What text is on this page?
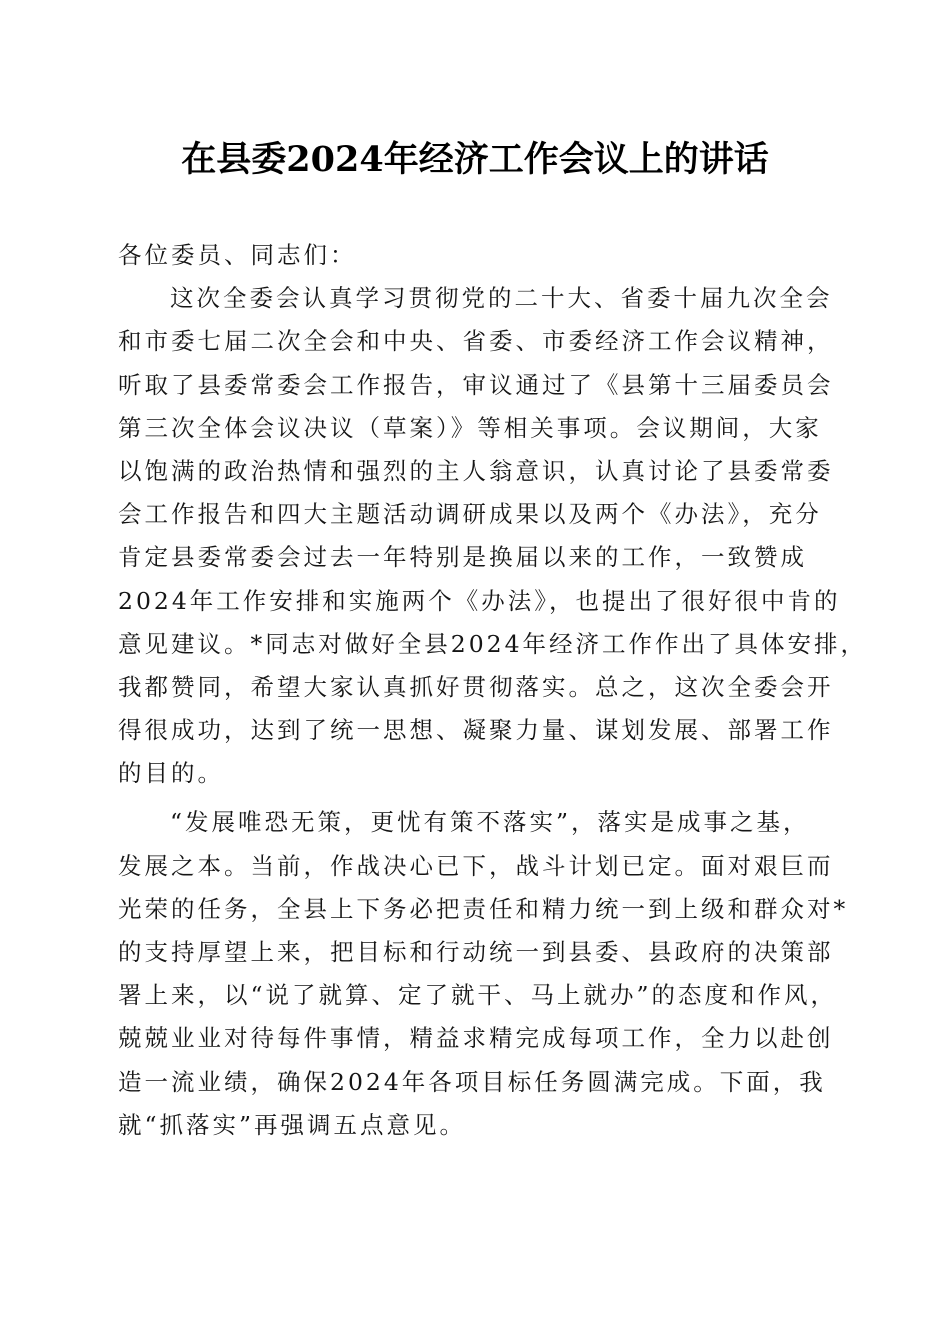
在县委2024年经济工作会议上的讲话
各位委员、同志们：
这次全委会认真学习贯彻党的二十大、省委十届九次全会
和市委七届二次全会和中央、省委、市委经济工作会议精神，
听取了县委常委会工作报告，审议通过了《县第十三届委员会
第三次全体会议决议（草案）》等相关事项。会议期间，大家
以饱满的政治热情和强烈的主人翁意识，认真讨论了县委常委
会工作报告和四大主题活动调研成果以及两个《办法》，充分
肯定县委常委会过去一年特别是换届以来的工作，一致赞成
2024年工作安排和实施两个《办法》，也提出了很好很中肯的
意见建议。*同志对做好全县2024年经济工作作出了具体安排，
我都赞同，希望大家认真抓好贯彻落实。总之，这次全委会开
得很成功，达到了统一思想、凝聚力量、谋划发展、部署工作
的目的。
“发展唯恐无策，更忧有策不落实”，落实是成事之基，
发展之本。当前，作战决心已下，战斗计划已定。面对艰巨而
光荣的任务，全县上下务必把责任和精力统一到上级和群众对*
的支持厚望上来，把目标和行动统一到县委、县政府的决策部
署上来，以“说了就算、定了就干、马上就办”的态度和作风，
兢兢业业对待每件事情，精益求精完成每项工作，全力以赴创
造一流业绩，确保2024年各项目标任务圆满完成。下面，我
就“抓落实”再强调五点意见。
